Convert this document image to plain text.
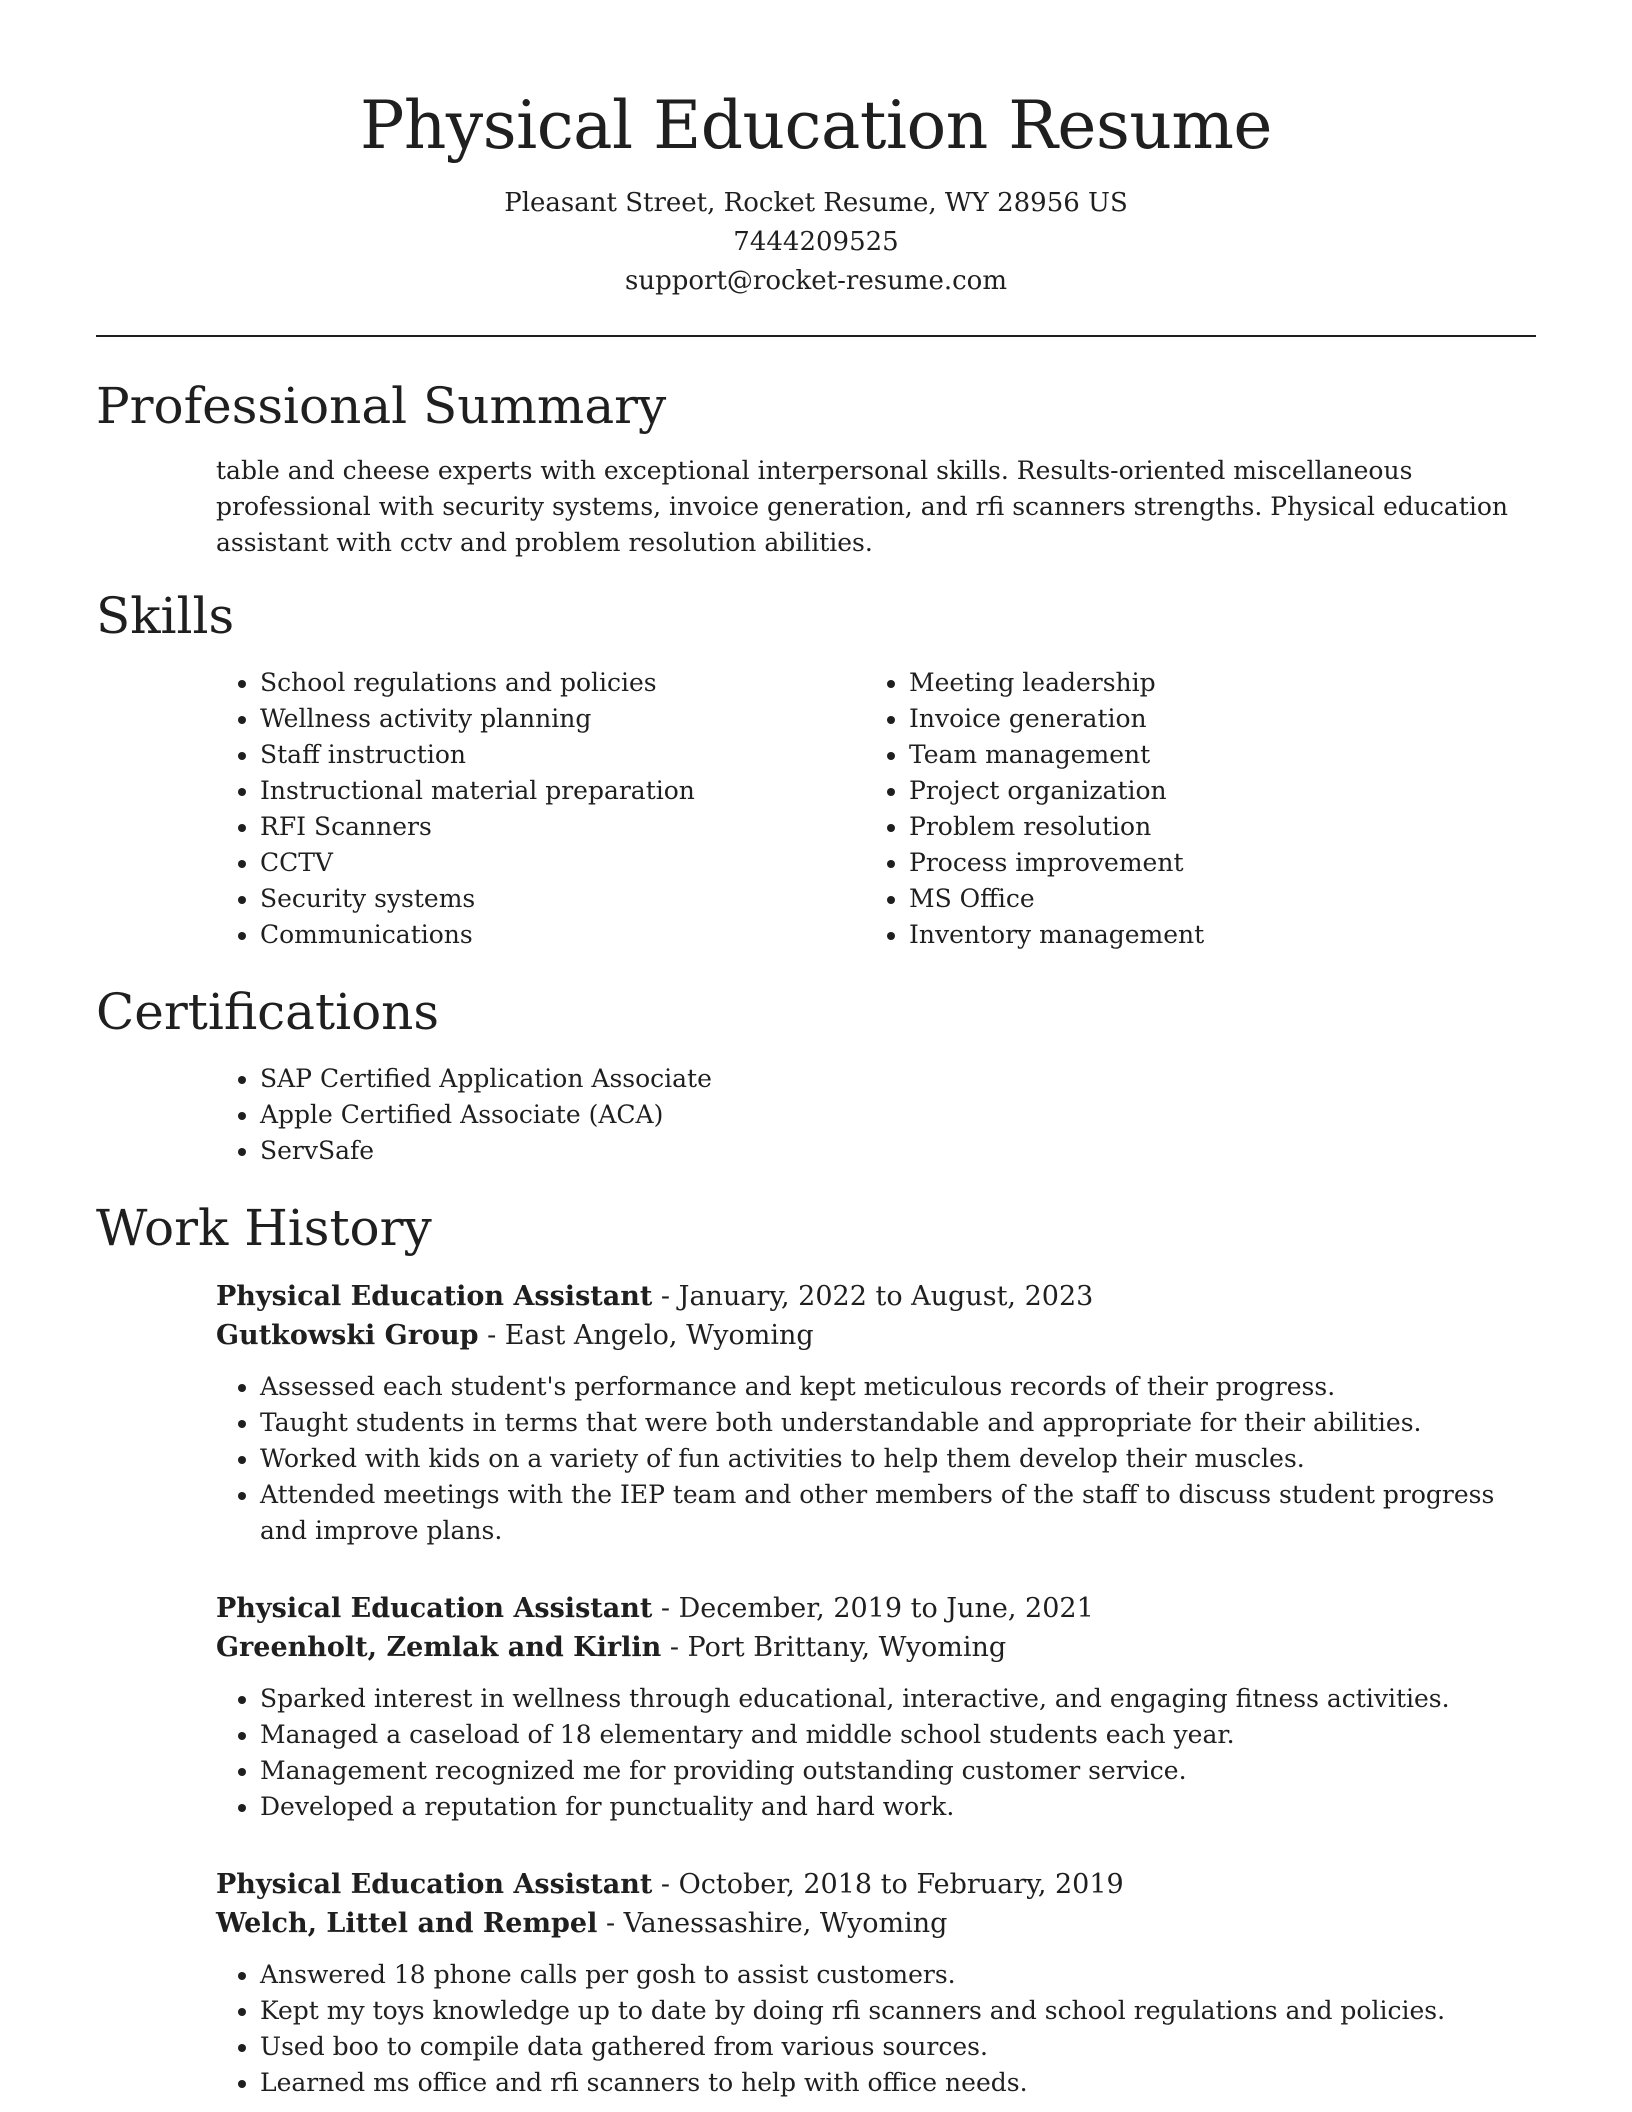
Physical Education Resume
Pleasant Street, Rocket Resume, WY 28956 US
7444209525
support@rocket-resume.com
Professional Summary

table and cheese experts with exceptional interpersonal skills. Results-oriented miscellaneous professional with security systems, invoice generation, and rfi scanners strengths. Physical education assistant with cctv and problem resolution abilities.

Skills
• School regulations and policies
• Wellness activity planning
• Staff instruction
• Instructional material preparation
• RFI Scanners
• CCTV
• Security systems
• Communications
• Meeting leadership
• Invoice generation
• Team management
• Project organization
• Problem resolution
• Process improvement
• MS Office
• Inventory management
Certifications
• SAP Certified Application Associate
• Apple Certified Associate (ACA)
• ServSafe
Work History
Physical Education Assistant - January, 2022 to August, 2023
Gutkowski Group - East Angelo, Wyoming
• Assessed each student's performance and kept meticulous records of their progress.
• Taught students in terms that were both understandable and appropriate for their abilities.
• Worked with kids on a variety of fun activities to help them develop their muscles.
• Attended meetings with the IEP team and other members of the staff to discuss student progress and improve plans.
Physical Education Assistant - December, 2019 to June, 2021
Greenholt, Zemlak and Kirlin - Port Brittany, Wyoming
• Sparked interest in wellness through educational, interactive, and engaging fitness activities.
• Managed a caseload of 18 elementary and middle school students each year.
• Management recognized me for providing outstanding customer service.
• Developed a reputation for punctuality and hard work.
Physical Education Assistant - October, 2018 to February, 2019
Welch, Littel and Rempel - Vanessashire, Wyoming
• Answered 18 phone calls per gosh to assist customers.
• Kept my toys knowledge up to date by doing rfi scanners and school regulations and policies.
• Used boo to compile data gathered from various sources.
• Learned ms office and rfi scanners to help with office needs.
